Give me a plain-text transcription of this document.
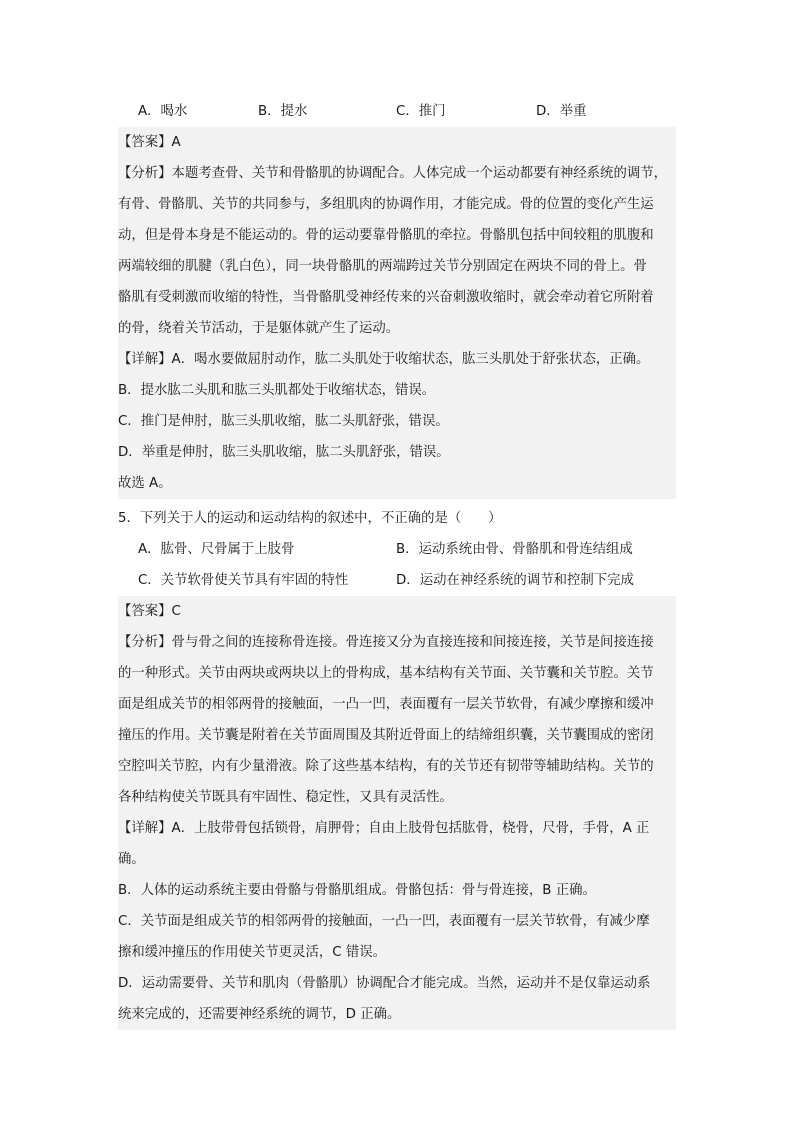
A．喝水	B．提水	C．推门	D．举重

【答案】A

【分析】本题考查骨、关节和骨骼肌的协调配合。人体完成一个运动都要有神经系统的调节，

有骨、骨骼肌、关节的共同参与，多组肌肉的协调作用，才能完成。骨的位置的变化产生运

动，但是骨本身是不能运动的。骨的运动要靠骨骼肌的牵拉。骨骼肌包括中间较粗的肌腹和

两端较细的肌腱（乳白色），同一块骨骼肌的两端跨过关节分别固定在两块不同的骨上。骨

骼肌有受刺激而收缩的特性，当骨骼肌受神经传来的兴奋刺激收缩时，就会牵动着它所附着

的骨，绕着关节活动，于是躯体就产生了运动。

【详解】A．喝水要做屈肘动作，肱二头肌处于收缩状态，肱三头肌处于舒张状态，正确。

B．提水肱二头肌和肱三头肌都处于收缩状态，错误。

C．推门是伸肘，肱三头肌收缩，肱二头肌舒张，错误。

D．举重是伸肘，肱三头肌收缩，肱二头肌舒张，错误。

故选 A。

5．下列关于人的运动和运动结构的叙述中，不正确的是（　　）

A．肱骨、尺骨属于上肢骨	B．运动系统由骨、骨骼肌和骨连结组成
C．关节软骨使关节具有牢固的特性	D．运动在神经系统的调节和控制下完成

【答案】C

【分析】骨与骨之间的连接称骨连接。骨连接又分为直接连接和间接连接，关节是间接连接

的一种形式。关节由两块或两块以上的骨构成，基本结构有关节面、关节囊和关节腔。关节

面是组成关节的相邻两骨的接触面，一凸一凹，表面覆有一层关节软骨，有减少摩擦和缓冲

撞压的作用。关节囊是附着在关节面周围及其附近骨面上的结缔组织囊，关节囊围成的密闭

空腔叫关节腔，内有少量滑液。除了这些基本结构，有的关节还有韧带等辅助结构。关节的

各种结构使关节既具有牢固性、稳定性，又具有灵活性。

【详解】A．上肢带骨包括锁骨，肩胛骨；自由上肢骨包括肱骨，桡骨，尺骨，手骨，A 正

确。

B．人体的运动系统主要由骨骼与骨骼肌组成。骨骼包括：骨与骨连接，B 正确。

C．关节面是组成关节的相邻两骨的接触面，一凸一凹，表面覆有一层关节软骨，有减少摩

擦和缓冲撞压的作用使关节更灵活，C 错误。

D．运动需要骨、关节和肌肉（骨骼肌）协调配合才能完成。当然，运动并不是仅靠运动系

统来完成的，还需要神经系统的调节，D 正确。
